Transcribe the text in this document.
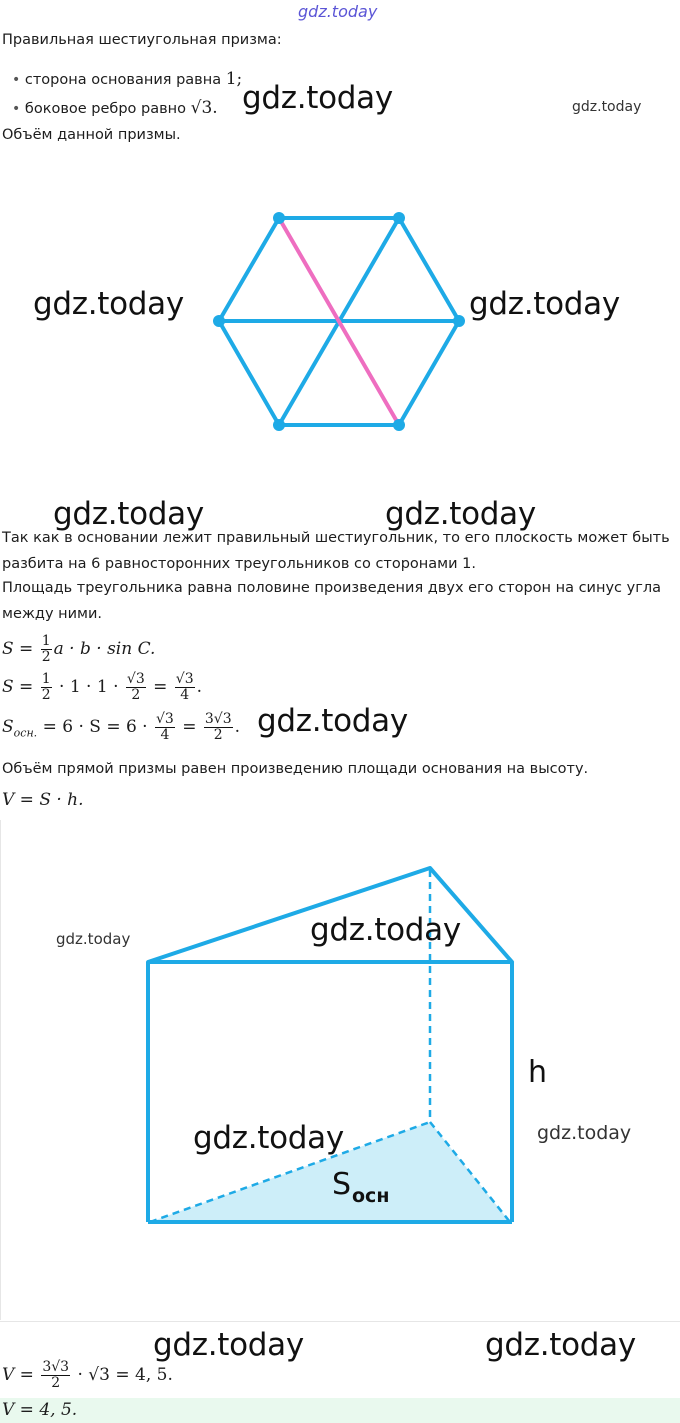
gdz.today
Правильная шестиугольная призма:
• сторона основания равна 1;
• боковое ребро равно √3.
Объём данной призмы.
gdz.today	gdz.today
gdz.today	gdz.today
gdz.today	gdz.today
Так как в основании лежит правильный шестиугольник, то его плоскость может быть
разбита на 6 равносторонних треугольников со сторонами 1.
Площадь треугольника равна половине произведения двух его сторон на синус угла
между ними.
$S = \frac{1}{2}$ a · b · sin C.
$S = \frac{1}{2} \cdot 1 \cdot 1 \cdot \frac{√3}{2} = \frac{√3}{4}$ .
$S_{осн.} = 6 \cdot S = 6 \cdot \frac{√3}{4} = \frac{3√3}{2}$ . gdz.today
Объём прямой призмы равен произведению площади основания на высоту.
V = S · h.
h
S осн
gdz.today
gdz.today
gdz.today	gdz.today
gdz.today	gdz.today
$V = \frac{3√3}{2} \cdot √3 = 4$, 5.
V = 4, 5.
